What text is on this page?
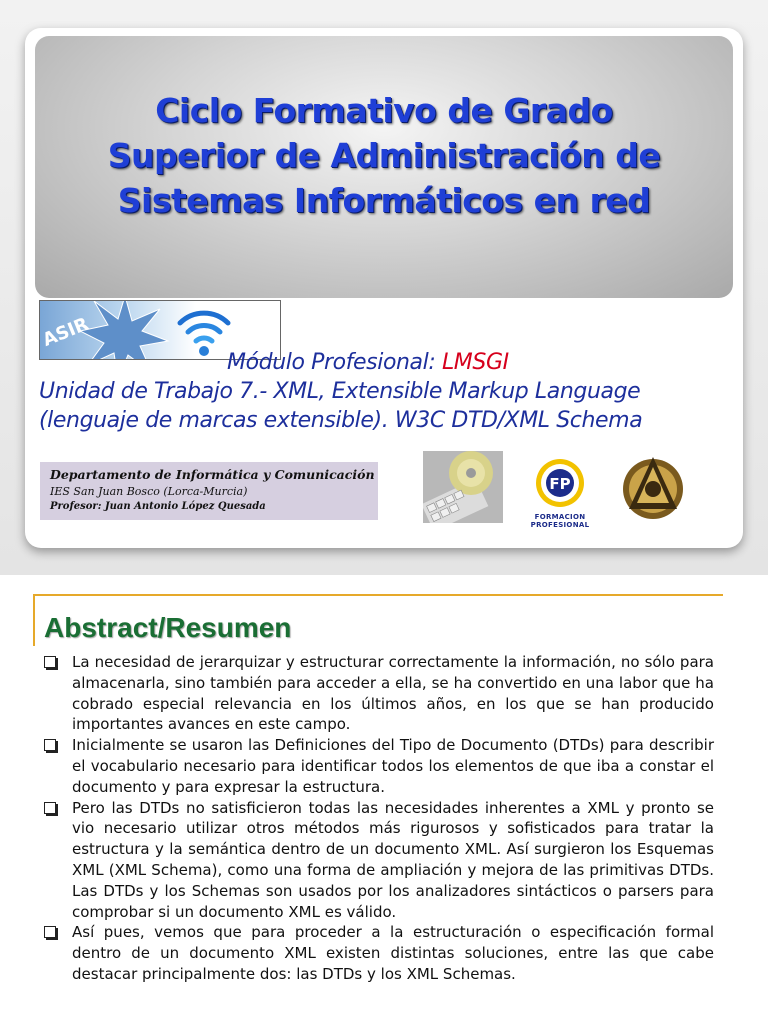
Ciclo Formativo de Grado
Superior de Administración de
Sistemas Informáticos en red
ASIR
Módulo Profesional: LMSGI
Unidad de Trabajo 7.- XML, Extensible Markup Language
(lenguaje de marcas extensible). W3C DTD/XML Schema
Departamento de Informática y Comunicación
IES San Juan Bosco (Lorca-Murcia)
Profesor: Juan Antonio López Quesada
FP
FORMACION PROFESIONAL
Abstract/Resumen
La necesidad de jerarquizar y estructurar correctamente la información, no sólo para almacenarla, sino también para acceder a ella, se ha convertido en una labor que ha cobrado especial relevancia en los últimos años, en los que se han producido importantes avances en este campo.
Inicialmente se usaron las Definiciones del Tipo de Documento (DTDs) para describir el vocabulario necesario para identificar todos los elementos de que iba a constar el documento y para expresar la estructura.
Pero las DTDs no satisficieron todas las necesidades inherentes a XML y pronto se vio necesario utilizar otros métodos más rigurosos y sofisticados para tratar la estructura y la semántica dentro de un documento XML. Así surgieron los Esquemas XML (XML Schema), como una forma de ampliación y mejora de las primitivas DTDs. Las DTDs y los Schemas son usados por los analizadores sintácticos o parsers para comprobar si un documento XML es válido.
Así pues, vemos que para proceder a la estructuración o especificación formal dentro de un documento XML existen distintas soluciones, entre las que cabe destacar principalmente dos: las DTDs y los XML Schemas.
